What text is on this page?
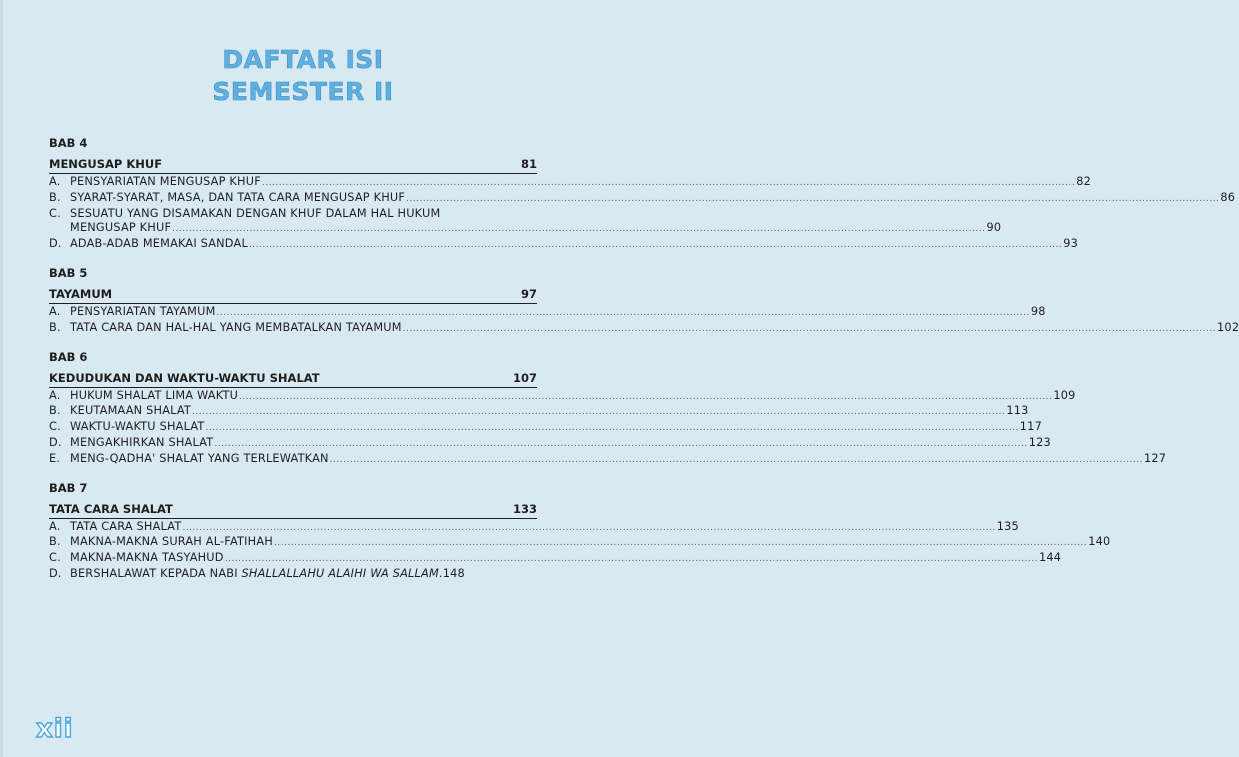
DAFTAR ISI
SEMESTER II
BAB 4
MENGUSAP KHUF	81
A. PENSYARIATAN MENGUSAP KHUF .....	82
B. SYARAT-SYARAT, MASA, DAN TATA CARA MENGUSAP KHUF .....	86
C. SESUATU YANG DISAMAKAN DENGAN KHUF DALAM HAL HUKUM
MENGUSAP KHUF .....	90
D. ADAB-ADAB MEMAKAI SANDAL .....	93
BAB 5
TAYAMUM	97
A. PENSYARIATAN TAYAMUM .....	98
B. TATA CARA DAN HAL-HAL YANG MEMBATALKAN TAYAMUM .....	102
BAB 6
KEDUDUKAN DAN WAKTU-WAKTU SHALAT	107
A. HUKUM SHALAT LIMA WAKTU .....	109
B. KEUTAMAAN SHALAT .....	113
C. WAKTU-WAKTU SHALAT .....	117
D. MENGAKHIRKAN SHALAT .....	123
E. MENG-QADHA' SHALAT YANG TERLEWATKAN .....	127
BAB 7
TATA CARA SHALAT	133
A. TATA CARA SHALAT .....	135
B. MAKNA-MAKNA SURAH AL-FATIHAH .....	140
C. MAKNA-MAKNA TASYAHUD .....	144
D. BERSHALAWAT KEPADA NABI SHALLALLAHU ALAIHI WA SALLAM. 148
xii
